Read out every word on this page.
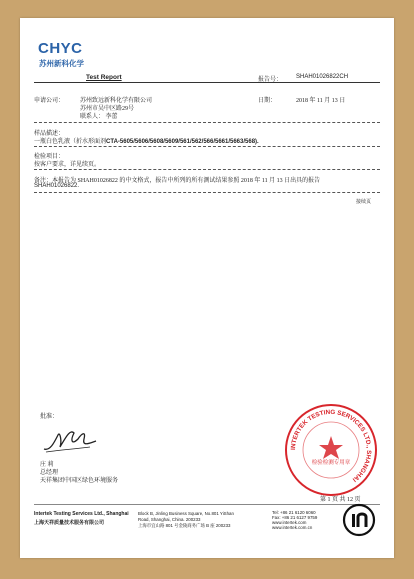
CHYC
苏州新科化学
Test Report	报告号： SHAH01026822CH
申请公司：	苏州致远新科化学有限公司
苏州市吴中区路29号
联系人： 李蕾
日期：	2018 年 11 月 13 日
样品描述：
一瓶白色乳液（折水形面剂CTA-5605/5606/5608/5609/561/562/566/5661/5663/568).
检验项目：
按客户要求，详见续页。
备注：本报告为 SHAH01026822 的中文格式，报告中所列的所有测试结果参照 2018 年 11 月 13 日出具的报告
SHAH01026822.
接续页
批准：
庄 莉
总经理
天祥集团中国区绿色环境服务
INTERTEK TESTING SERVICES LTD., SHANGHAI
检验检测专用章
第 1 页 共 12 页
Intertek Testing Services Ltd., Shanghai
上海天祥质量技术服务有限公司
Block B, Jinling Business Square, No.801 YiShan
Road, Shanghai, China. 200233
上海市宜山路 801 号金陵商务广场 B 座 200233
Tel: +86 21 6120 6060
Fax: +86 21 6127 9759
www.intertek.com
www.intertek.com.cn
